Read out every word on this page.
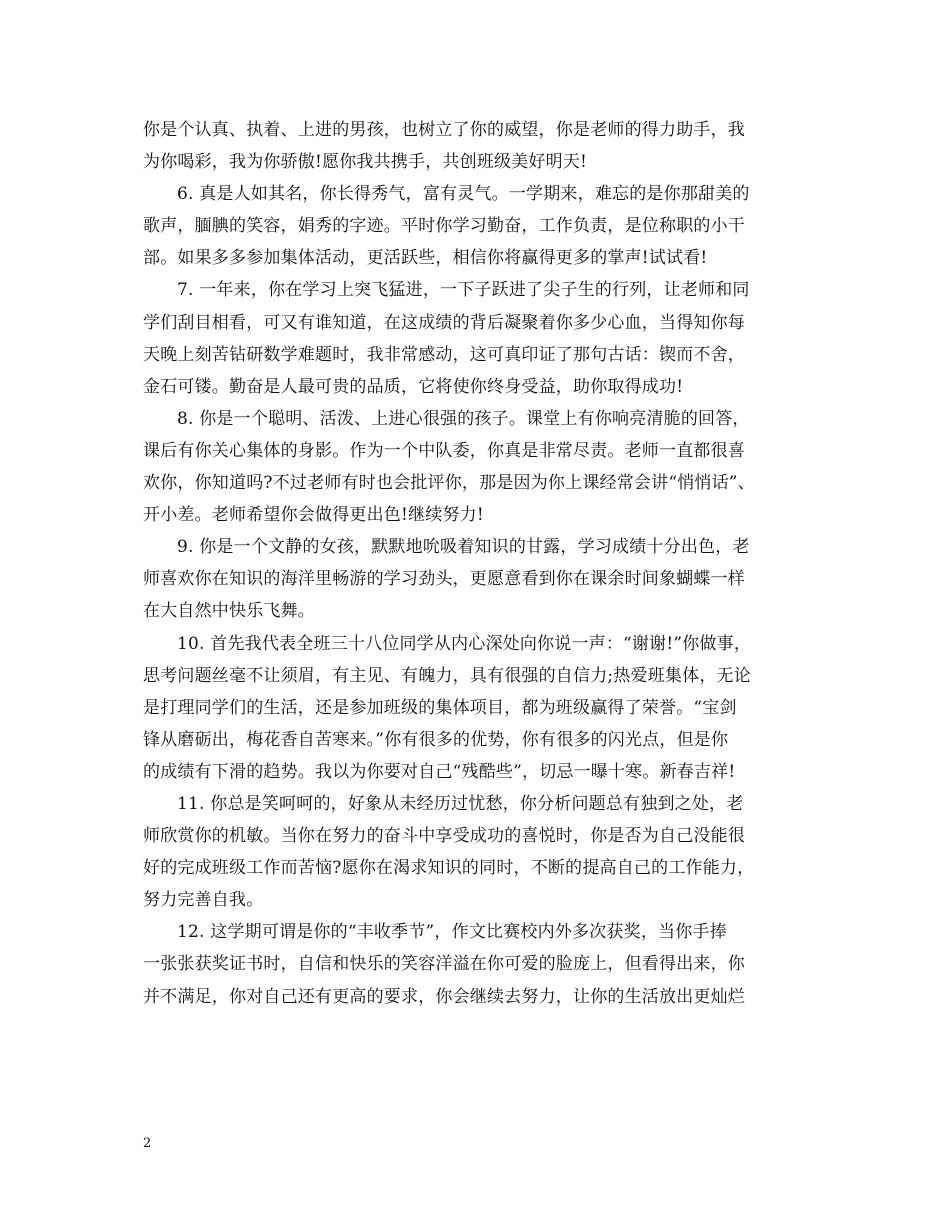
你是个认真、执着、上进的男孩，也树立了你的威望，你是老师的得力助手，我
为你喝彩，我为你骄傲!愿你我共携手，共创班级美好明天!
6. 真是人如其名，你长得秀气，富有灵气。一学期来，难忘的是你那甜美的
歌声，腼腆的笑容，娟秀的字迹。平时你学习勤奋，工作负责，是位称职的小干
部。如果多多参加集体活动，更活跃些，相信你将赢得更多的掌声!试试看!
7. 一年来，你在学习上突飞猛进，一下子跃进了尖子生的行列，让老师和同
学们刮目相看，可又有谁知道，在这成绩的背后凝聚着你多少心血，当得知你每
天晚上刻苦钻研数学难题时，我非常感动，这可真印证了那句古话：锲而不舍，
金石可镂。勤奋是人最可贵的品质，它将使你终身受益，助你取得成功!
8. 你是一个聪明、活泼、上进心很强的孩子。课堂上有你响亮清脆的回答，
课后有你关心集体的身影。作为一个中队委，你真是非常尽责。老师一直都很喜
欢你，你知道吗?不过老师有时也会批评你，那是因为你上课经常会讲“悄悄话”、
开小差。老师希望你会做得更出色!继续努力!
9. 你是一个文静的女孩，默默地吮吸着知识的甘露，学习成绩十分出色，老
师喜欢你在知识的海洋里畅游的学习劲头，更愿意看到你在课余时间象蝴蝶一样
在大自然中快乐飞舞。
10. 首先我代表全班三十八位同学从内心深处向你说一声：“谢谢!”你做事，
思考问题丝毫不让须眉，有主见、有魄力，具有很强的自信力;热爱班集体，无论
是打理同学们的生活，还是参加班级的集体项目，都为班级赢得了荣誉。“宝剑
锋从磨砺出，梅花香自苦寒来。”你有很多的优势，你有很多的闪光点，但是你
的成绩有下滑的趋势。我以为你要对自己“残酷些”，切忌一曝十寒。新春吉祥!
11. 你总是笑呵呵的，好象从未经历过忧愁，你分析问题总有独到之处，老
师欣赏你的机敏。当你在努力的奋斗中享受成功的喜悦时，你是否为自己没能很
好的完成班级工作而苦恼?愿你在渴求知识的同时，不断的提高自己的工作能力，
努力完善自我。
12. 这学期可谓是你的“丰收季节”，作文比赛校内外多次获奖，当你手捧
一张张获奖证书时，自信和快乐的笑容洋溢在你可爱的脸庞上，但看得出来，你
并不满足，你对自己还有更高的要求，你会继续去努力，让你的生活放出更灿烂
2
